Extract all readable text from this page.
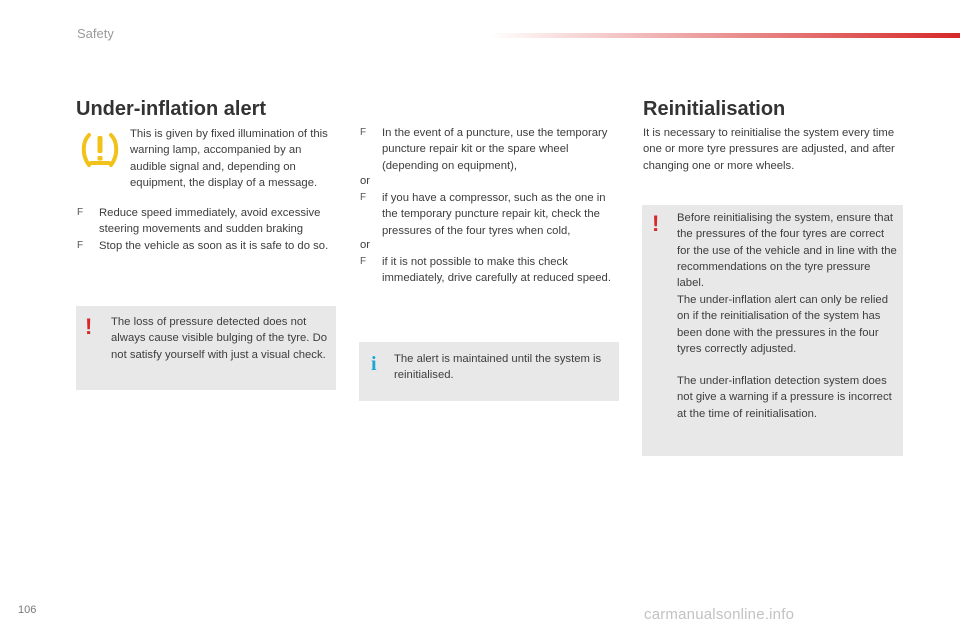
Safety
Under-inflation alert
This is given by fixed illumination of this warning lamp, accompanied by an audible signal and, depending on equipment, the display of a message.
F Reduce speed immediately, avoid excessive steering movements and sudden braking
F Stop the vehicle as soon as it is safe to do so.
! The loss of pressure detected does not always cause visible bulging of the tyre. Do not satisfy yourself with just a visual check.
F In the event of a puncture, use the temporary puncture repair kit or the spare wheel (depending on equipment),
or
F if you have a compressor, such as the one in the temporary puncture repair kit, check the pressures of the four tyres when cold,
or
F if it is not possible to make this check immediately, drive carefully at reduced speed.
i The alert is maintained until the system is reinitialised.
Reinitialisation
It is necessary to reinitialise the system every time one or more tyre pressures are adjusted, and after changing one or more wheels.
! Before reinitialising the system, ensure that the pressures of the four tyres are correct for the use of the vehicle and in line with the recommendations on the tyre pressure label.
The under-inflation alert can only be relied on if the reinitialisation of the system has been done with the pressures in the four tyres correctly adjusted.
The under-inflation detection system does not give a warning if a pressure is incorrect at the time of reinitialisation.
106	carmanualsonline.info
